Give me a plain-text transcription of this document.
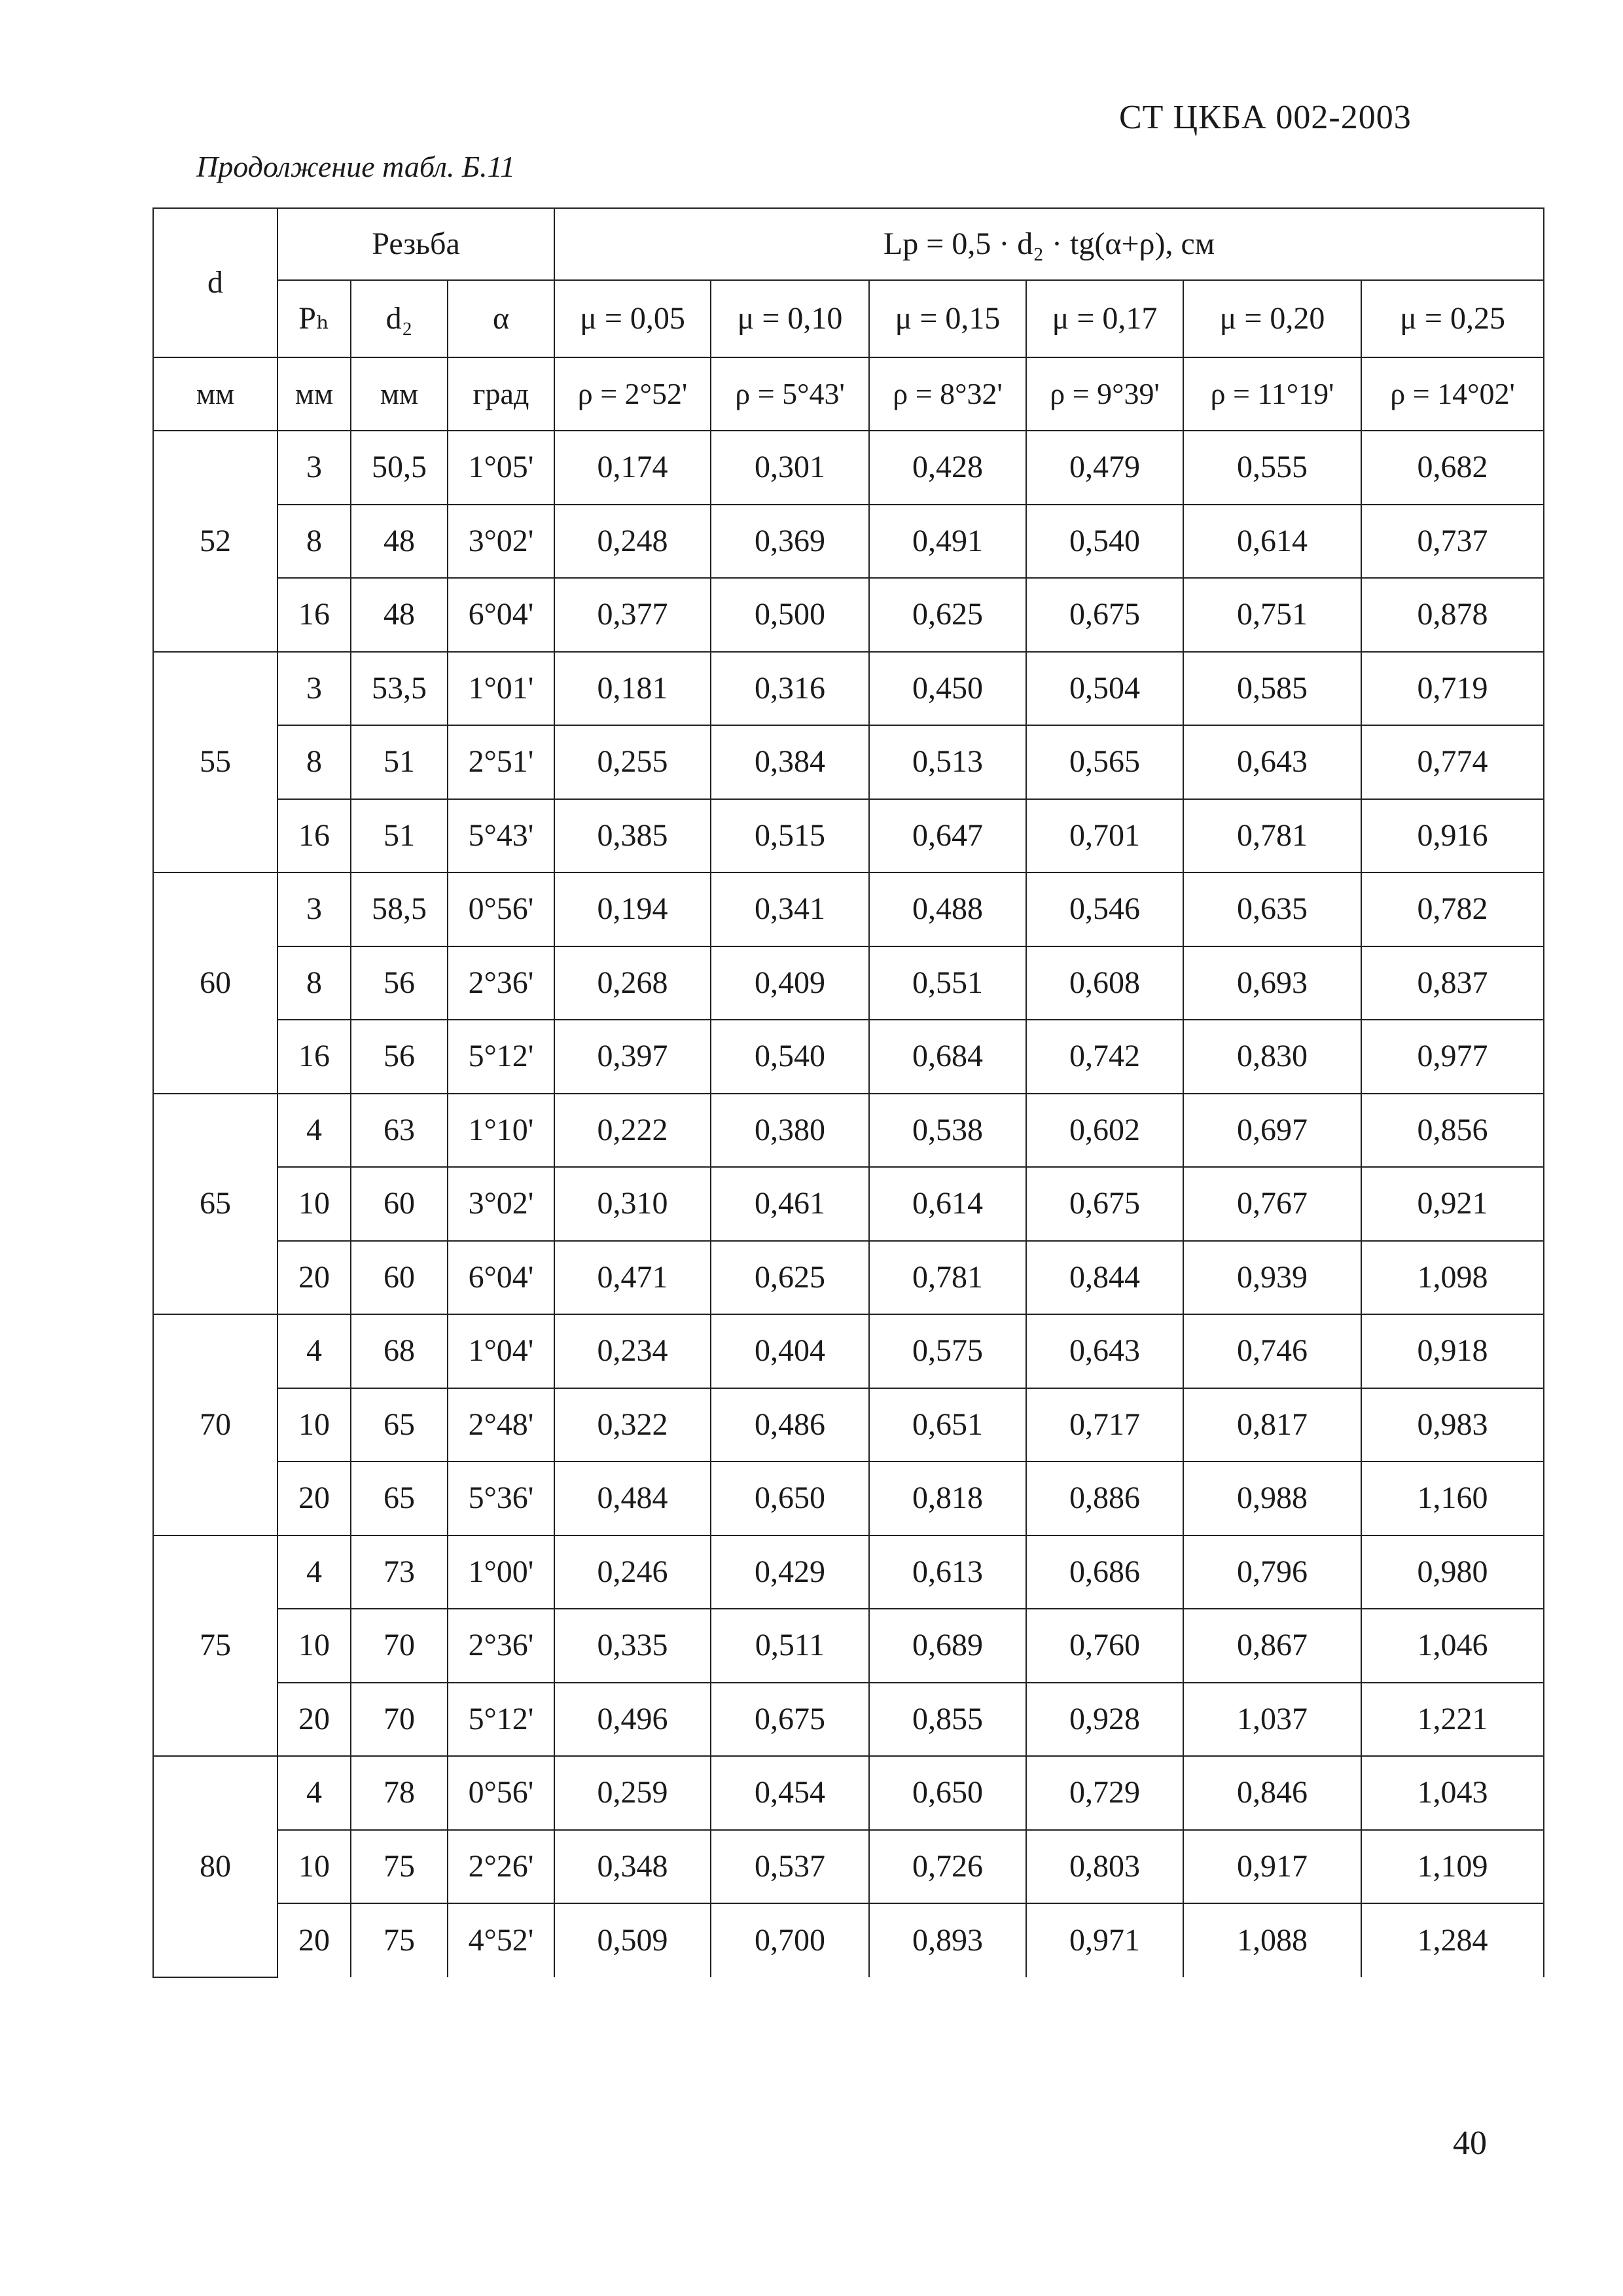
СТ ЦКБА 002-2003
Продолжение табл. Б.11
d	Резьба			Lр = 0,5 · d₂ · tg(α+ρ), см					
	Pₕ	d₂	α	μ = 0,05	μ = 0,10	μ = 0,15	μ = 0,17	μ = 0,20	μ = 0,25
мм	мм	мм	град	ρ = 2°52'	ρ = 5°43'	ρ = 8°32'	ρ = 9°39'	ρ = 11°19'	ρ = 14°02'
52	3	50,5	1°05'	0,174	0,301	0,428	0,479	0,555	0,682
	8	48	3°02'	0,248	0,369	0,491	0,540	0,614	0,737
	16	48	6°04'	0,377	0,500	0,625	0,675	0,751	0,878
55	3	53,5	1°01'	0,181	0,316	0,450	0,504	0,585	0,719
	8	51	2°51'	0,255	0,384	0,513	0,565	0,643	0,774
	16	51	5°43'	0,385	0,515	0,647	0,701	0,781	0,916
60	3	58,5	0°56'	0,194	0,341	0,488	0,546	0,635	0,782
	8	56	2°36'	0,268	0,409	0,551	0,608	0,693	0,837
	16	56	5°12'	0,397	0,540	0,684	0,742	0,830	0,977
65	4	63	1°10'	0,222	0,380	0,538	0,602	0,697	0,856
	10	60	3°02'	0,310	0,461	0,614	0,675	0,767	0,921
	20	60	6°04'	0,471	0,625	0,781	0,844	0,939	1,098
70	4	68	1°04'	0,234	0,404	0,575	0,643	0,746	0,918
	10	65	2°48'	0,322	0,486	0,651	0,717	0,817	0,983
	20	65	5°36'	0,484	0,650	0,818	0,886	0,988	1,160
75	4	73	1°00'	0,246	0,429	0,613	0,686	0,796	0,980
	10	70	2°36'	0,335	0,511	0,689	0,760	0,867	1,046
	20	70	5°12'	0,496	0,675	0,855	0,928	1,037	1,221
80	4	78	0°56'	0,259	0,454	0,650	0,729	0,846	1,043
	10	75	2°26'	0,348	0,537	0,726	0,803	0,917	1,109
	20	75	4°52'	0,509	0,700	0,893	0,971	1,088	1,284
40
